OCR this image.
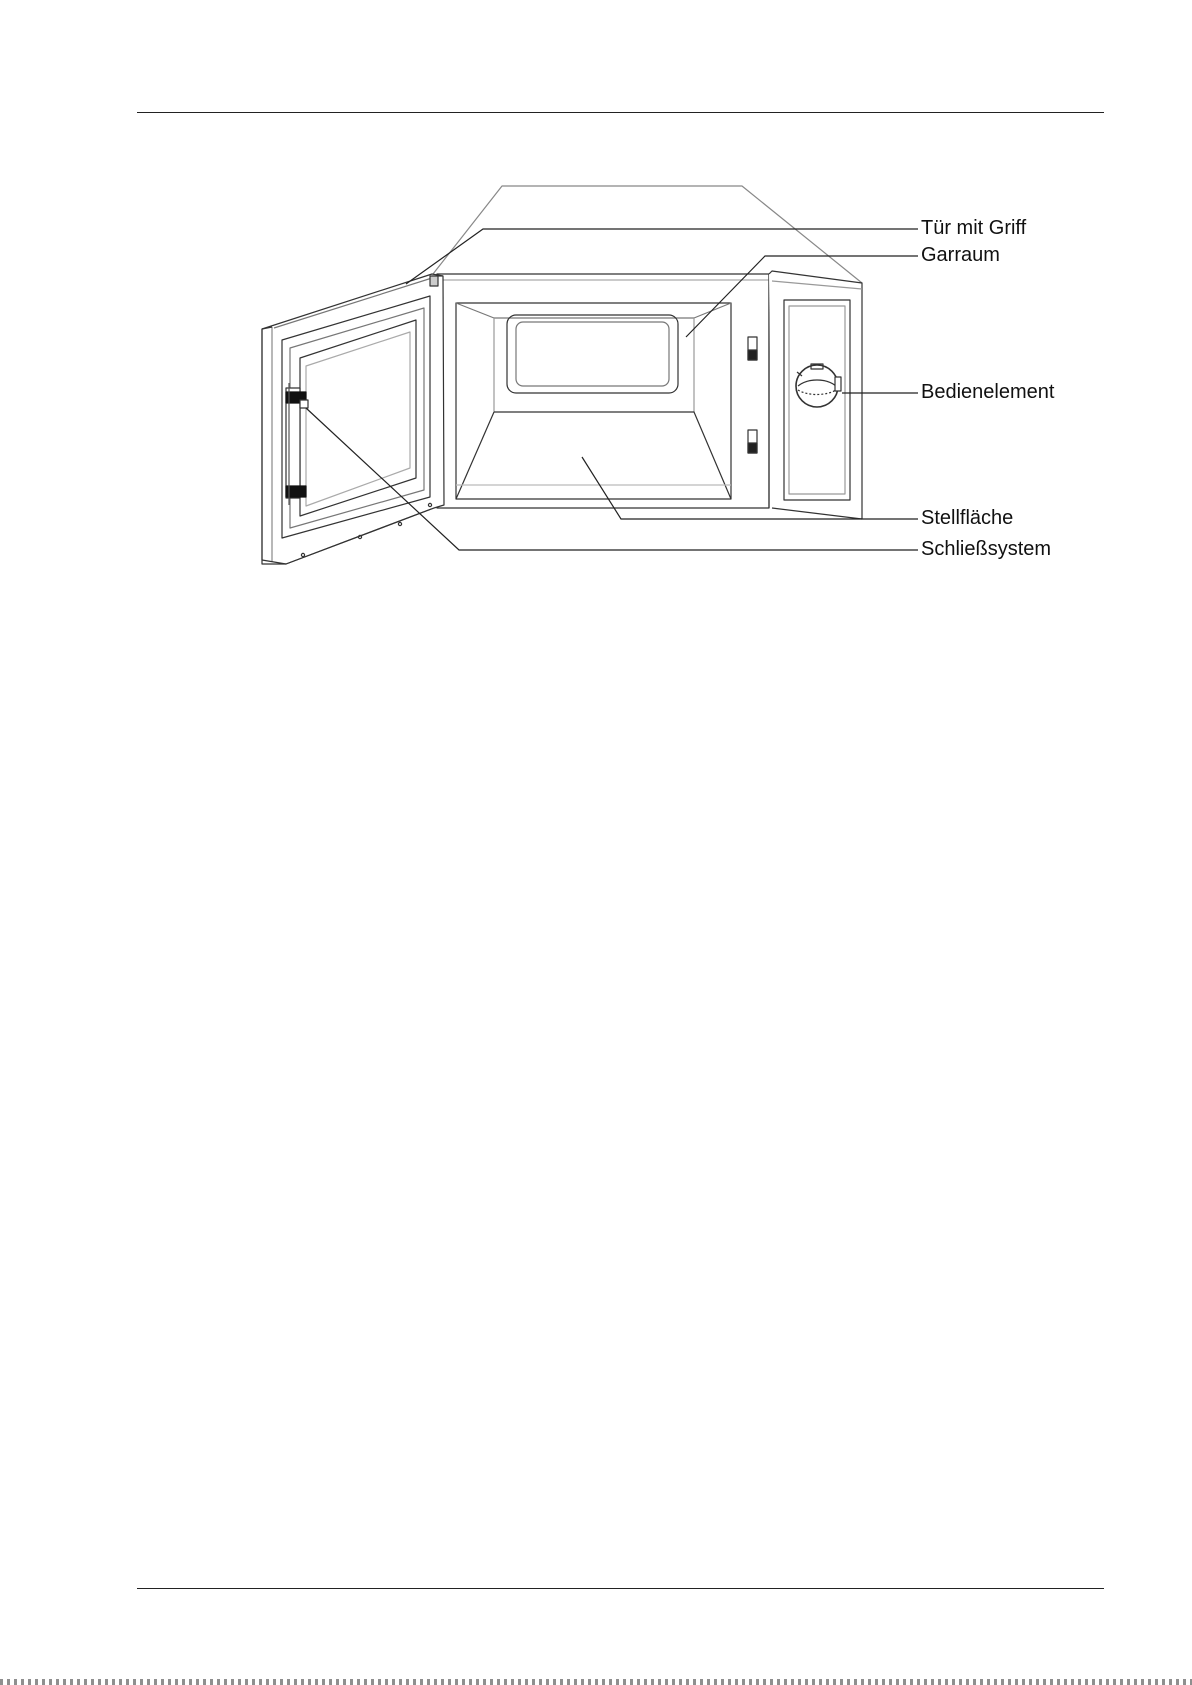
Tür mit Griff
Garraum
Bedienelement
Stellfläche
Schließsystem
